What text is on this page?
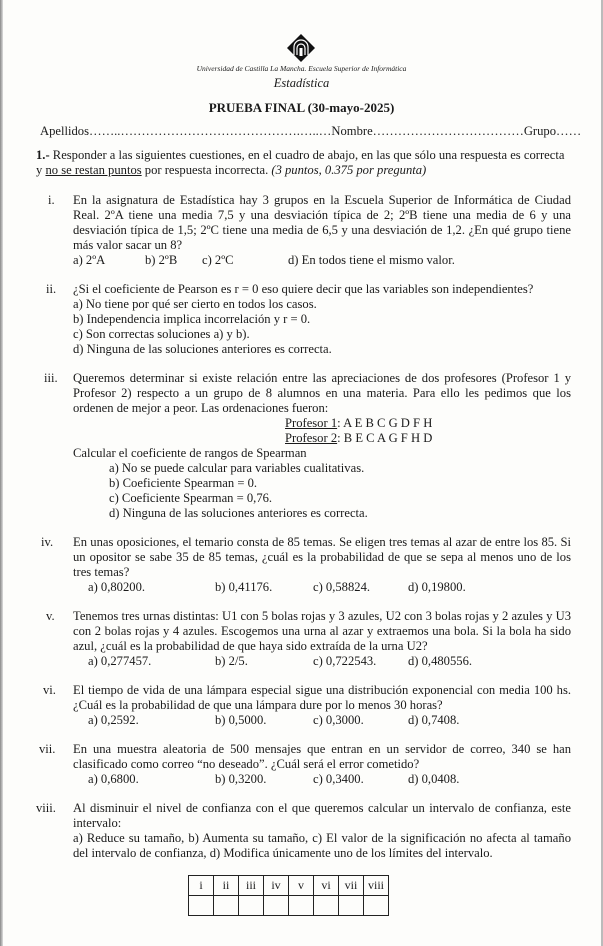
Universidad de Castilla La Mancha. Escuela Superior de Informática
Estadística
PRUEBA FINAL (30-mayo-2025)
Apellidos……..…………………………………….…..…Nombre………………………………Grupo……
1.- Responder a las siguientes cuestiones, en el cuadro de abajo, en las que sólo una respuesta es correcta y no se restan puntos por respuesta incorrecta. (3 puntos, 0.375 por pregunta)
i.	En la asignatura de Estadística hay 3 grupos en la Escuela Superior de Informática de Ciudad Real. 2ºA tiene una media 7,5 y una desviación típica de 2; 2ºB tiene una media de 6 y una desviación típica de 1,5; 2ºC tiene una media de 6,5 y una desviación de 1,2. ¿En qué grupo tiene más valor sacar un 8?
a) 2ºA	b) 2ºB	c) 2ºC	d) En todos tiene el mismo valor.
ii.	¿Si el coeficiente de Pearson es r = 0 eso quiere decir que las variables son independientes?
a) No tiene por qué ser cierto en todos los casos.
b) Independencia implica incorrelación y r = 0.
c) Son correctas soluciones a) y b).
d) Ninguna de las soluciones anteriores es correcta.
iii.	Queremos determinar si existe relación entre las apreciaciones de dos profesores (Profesor 1 y Profesor 2) respecto a un grupo de 8 alumnos en una materia. Para ello les pedimos que los ordenen de mejor a peor. Las ordenaciones fueron:
Profesor 1: A E B C G D F H
Profesor 2: B E C A G F H D
Calcular el coeficiente de rangos de Spearman
a) No se puede calcular para variables cualitativas.
b) Coeficiente Spearman = 0.
c) Coeficiente Spearman = 0,76.
d) Ninguna de las soluciones anteriores es correcta.
iv.	En unas oposiciones, el temario consta de 85 temas. Se eligen tres temas al azar de entre los 85. Si un opositor se sabe 35 de 85 temas, ¿cuál es la probabilidad de que se sepa al menos uno de los tres temas?
a) 0,80200.	b) 0,41176.	c) 0,58824.	d) 0,19800.
v.	Tenemos tres urnas distintas: U1 con 5 bolas rojas y 3 azules, U2 con 3 bolas rojas y 2 azules y U3 con 2 bolas rojas y 4 azules. Escogemos una urna al azar y extraemos una bola. Si la bola ha sido azul, ¿cuál es la probabilidad de que haya sido extraída de la urna U2?
a) 0,277457.	b) 2/5.	c) 0,722543.	d) 0,480556.
vi.	El tiempo de vida de una lámpara especial sigue una distribución exponencial con media 100 hs. ¿Cuál es la probabilidad de que una lámpara dure por lo menos 30 horas?
a) 0,2592.	b) 0,5000.	c) 0,3000.	d) 0,7408.
vii.	En una muestra aleatoria de 500 mensajes que entran en un servidor de correo, 340 se han clasificado como correo “no deseado”. ¿Cuál será el error cometido?
a) 0,6800.	b) 0,3200.	c) 0,3400.	d) 0,0408.
viii.	Al disminuir el nivel de confianza con el que queremos calcular un intervalo de confianza, este intervalo:
a) Reduce su tamaño, b) Aumenta su tamaño, c) El valor de la significación no afecta al tamaño del intervalo de confianza, d) Modifica únicamente uno de los límites del intervalo.
i	ii	iii	iv	v	vi	vii	viii
